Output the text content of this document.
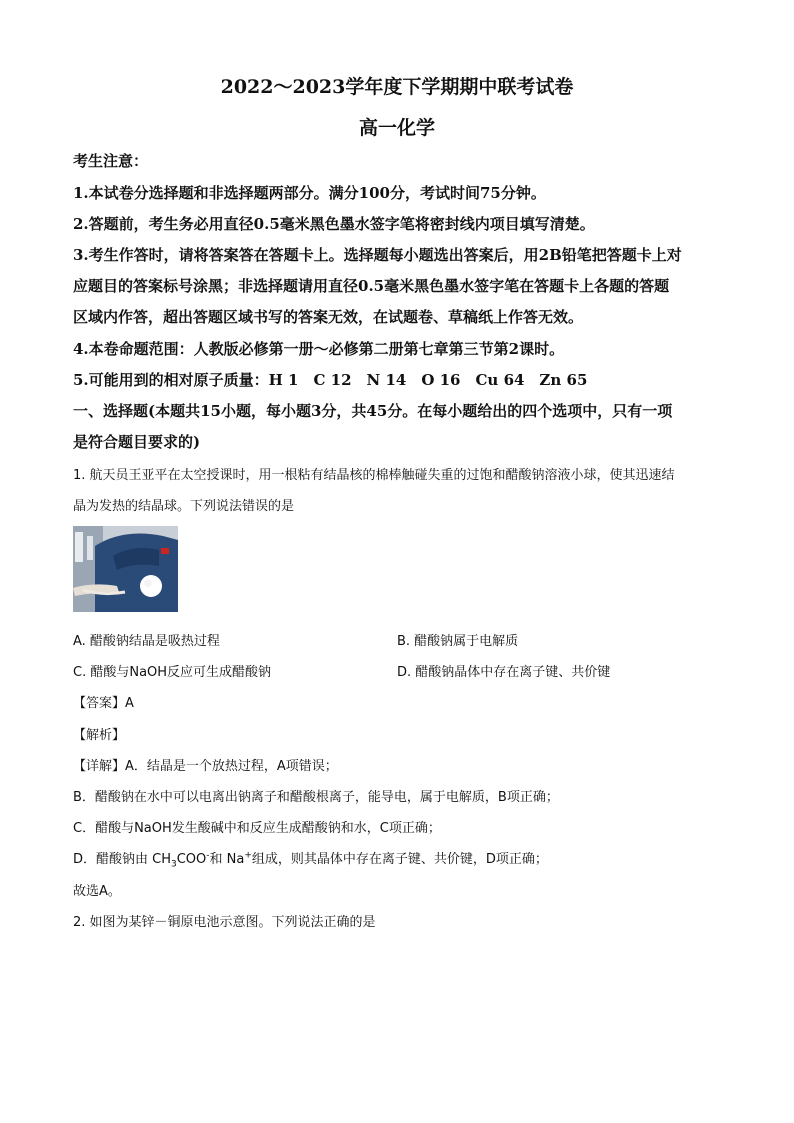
2022～2023学年度下学期期中联考试卷
高一化学
考生注意：
1.本试卷分选择题和非选择题两部分。满分100分，考试时间75分钟。
2.答题前，考生务必用直径0.5毫米黑色墨水签字笔将密封线内项目填写清楚。
3.考生作答时，请将答案答在答题卡上。选择题每小题选出答案后，用2B铅笔把答题卡上对
应题目的答案标号涂黑；非选择题请用直径0.5毫米黑色墨水签字笔在答题卡上各题的答题
区域内作答，超出答题区域书写的答案无效，在试题卷、草稿纸上作答无效。
4.本卷命题范围：人教版必修第一册～必修第二册第七章第三节第2课时。
5.可能用到的相对原子质量：H 1　C 12　N 14　O 16　Cu 64　Zn 65
一、选择题(本题共15小题，每小题3分，共45分。在每小题给出的四个选项中，只有一项
是符合题目要求的)
1. 航天员王亚平在太空授课时，用一根粘有结晶核的棉棒触碰失重的过饱和醋酸钠溶液小球，使其迅速结
晶为发热的结晶球。下列说法错误的是
A. 醋酸钠结晶是吸热过程	B. 醋酸钠属于电解质
C. 醋酸与NaOH反应可生成醋酸钠	D. 醋酸钠晶体中存在离子键、共价键
【答案】A
【解析】
【详解】A．结晶是一个放热过程，A项错误；
B．醋酸钠在水中可以电离出钠离子和醋酸根离子，能导电，属于电解质，B项正确；
C．醋酸与NaOH发生酸碱中和反应生成醋酸钠和水，C项正确；
D．醋酸钠由 $CH_3COO^-$和 Na+组成，则其晶体中存在离子键、共价键，D项正确；
故选A。
2. 如图为某锌－铜原电池示意图。下列说法正确的是
